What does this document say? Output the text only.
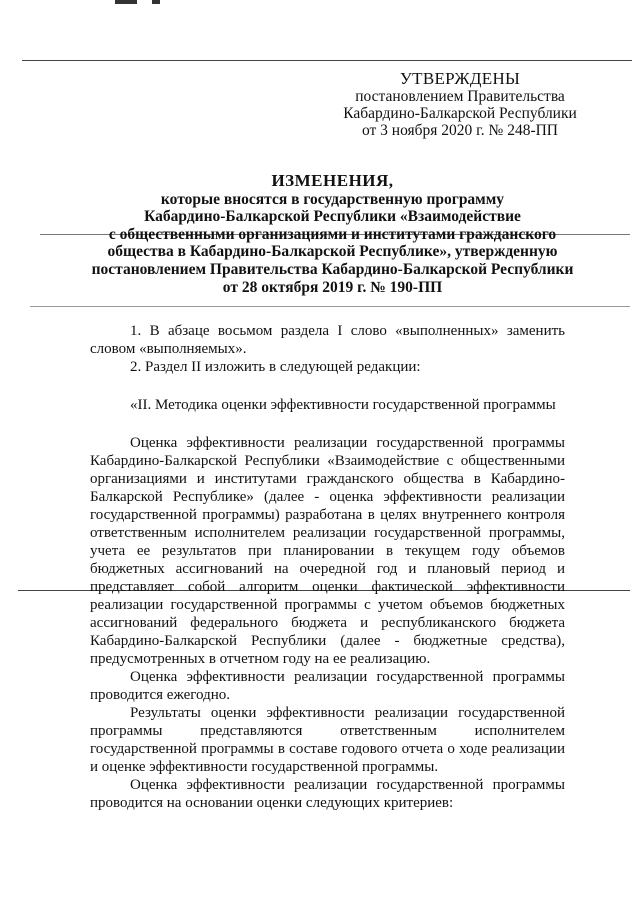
УТВЕРЖДЕНЫ
постановлением Правительства
Кабардино-Балкарской Республики
от 3 ноября 2020 г. № 248-ПП
ИЗМЕНЕНИЯ,
которые вносятся в государственную программу
Кабардино-Балкарской Республики «Взаимодействие
с общественными организациями и институтами гражданского
общества в Кабардино-Балкарской Республике», утвержденную
постановлением Правительства Кабардино-Балкарской Республики
от 28 октября 2019 г. № 190-ПП

1. В абзаце восьмом раздела I слово «выполненных» заменить словом «выполняемых».

2. Раздел II изложить в следующей редакции:

«II. Методика оценки эффективности государственной программы

Оценка эффективности реализации государственной программы Кабардино-Балкарской Республики «Взаимодействие с общественными организациями и институтами гражданского общества в Кабардино-Балкарской Республике» (далее - оценка эффективности реализации государственной программы) разработана в целях внутреннего контроля ответственным исполнителем реализации государственной программы, учета ее результатов при планировании в текущем году объемов бюджетных ассигнований на очередной год и плановый период и представляет собой алгоритм оценки фактической эффективности реализации государственной программы с учетом объемов бюджетных ассигнований федерального бюджета и республиканского бюджета Кабардино-Балкарской Республики (далее - бюджетные средства), предусмотренных в отчетном году на ее реализацию.

Оценка эффективности реализации государственной программы проводится ежегодно.

Результаты оценки эффективности реализации государственной программы представляются ответственным исполнителем государственной программы в составе годового отчета о ходе реализации и оценке эффективности государственной программы.

Оценка эффективности реализации государственной программы проводится на основании оценки следующих критериев:
